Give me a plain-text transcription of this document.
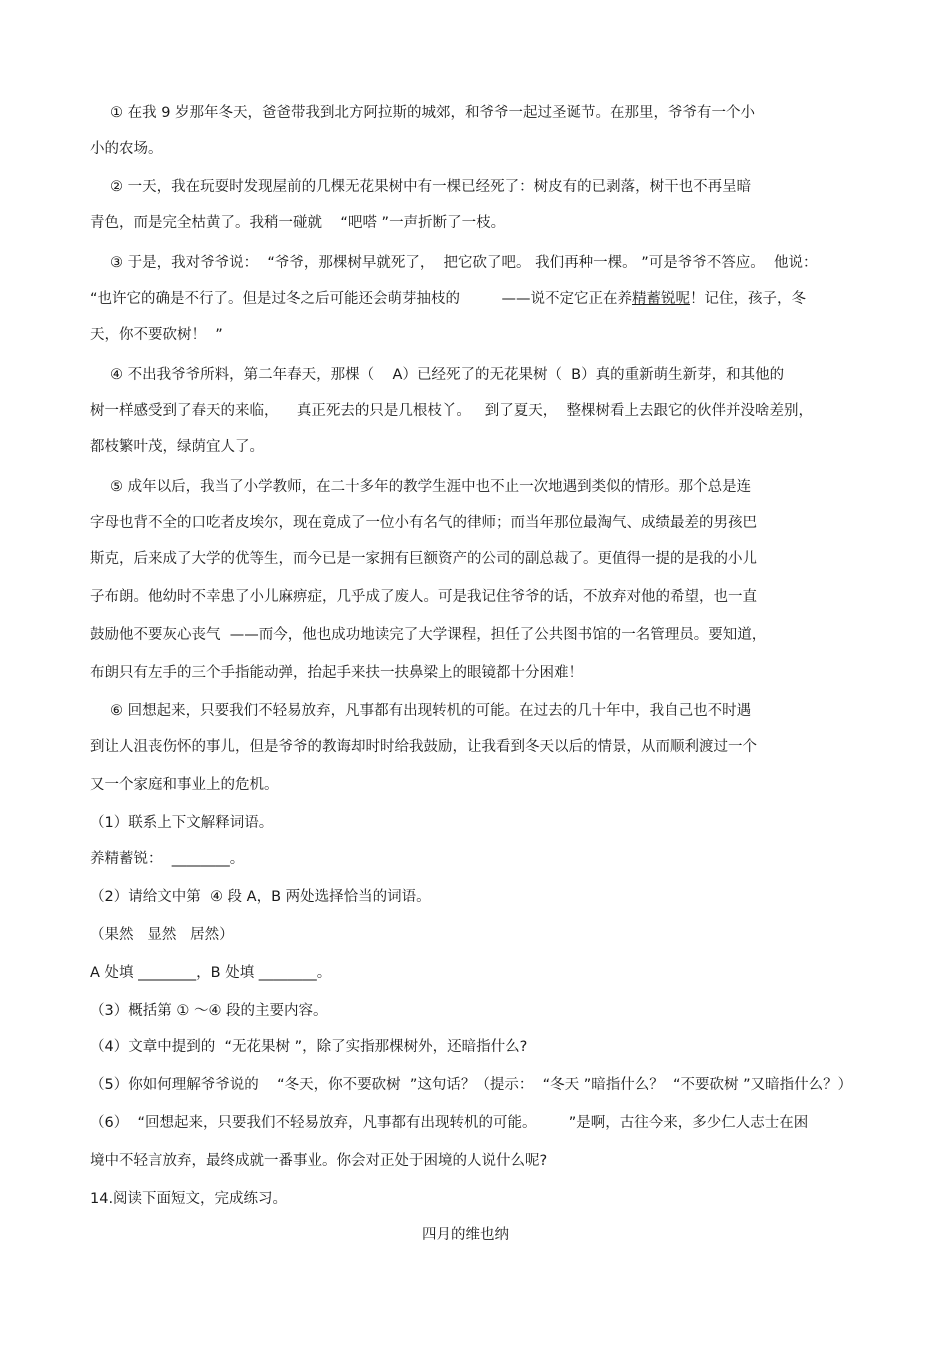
① 在我 9 岁那年冬天，爸爸带我到北方阿拉斯的城郊，和爷爷一起过圣诞节。在那里，爷爷有一个小
小的农场。
② 一天，我在玩耍时发现屋前的几棵无花果树中有一棵已经死了：树皮有的已剥落，树干也不再呈暗
青色，而是完全枯黄了。我稍一碰就    “吧嗒 ”一声折断了一枝。
③ 于是，我对爷爷说：  “爷爷，那棵树早就死了，  把它砍了吧。 我们再种一棵。 ”可是爷爷不答应。  他说：
“也许它的确是不行了。但是过冬之后可能还会萌芽抽枝的         ——说不定它正在养精蓄锐呢！记住，孩子，冬
天，你不要砍树！  ”
④ 不出我爷爷所料，第二年春天，那棵（    A）已经死了的无花果树（  B）真的重新萌生新芽，和其他的
树一样感受到了春天的来临，    真正死去的只是几根枝丫。   到了夏天，  整棵树看上去跟它的伙伴并没啥差别，
都枝繁叶茂，绿荫宜人了。
⑤ 成年以后，我当了小学教师，在二十多年的教学生涯中也不止一次地遇到类似的情形。那个总是连
字母也背不全的口吃者皮埃尔，现在竟成了一位小有名气的律师；而当年那位最淘气、成绩最差的男孩巴
斯克，后来成了大学的优等生，而今已是一家拥有巨额资产的公司的副总裁了。更值得一提的是我的小儿
子布朗。他幼时不幸患了小儿麻痹症，几乎成了废人。可是我记住爷爷的话，不放弃对他的希望，也一直
鼓励他不要灰心丧气  ——而今，他也成功地读完了大学课程，担任了公共图书馆的一名管理员。要知道，
布朗只有左手的三个手指能动弹，抬起手来扶一扶鼻梁上的眼镜都十分困难！
⑥ 回想起来，只要我们不轻易放弃，凡事都有出现转机的可能。在过去的几十年中，我自己也不时遇
到让人沮丧伤怀的事儿，但是爷爷的教诲却时时给我鼓励，让我看到冬天以后的情景，从而顺利渡过一个
又一个家庭和事业上的危机。
（1）联系上下文解释词语。
养精蓄锐：  ________。
（2）请给文中第  ④ 段 A，B 两处选择恰当的词语。
（果然   显然   居然）
A 处填 ________，B 处填 ________。
（3）概括第 ① ～④ 段的主要内容。
（4）文章中提到的  “无花果树 ”，除了实指那棵树外，还暗指什么?
（5）你如何理解爷爷说的    “冬天，你不要砍树  ”这句话？（提示：  “冬天 ”暗指什么？  “不要砍树 ”又暗指什么？）
（6）  “回想起来，只要我们不轻易放弃，凡事都有出现转机的可能。       ”是啊，古往今来，多少仁人志士在困
境中不轻言放弃，最终成就一番事业。你会对正处于困境的人说什么呢?
14.阅读下面短文，完成练习。
四月的维也纳
